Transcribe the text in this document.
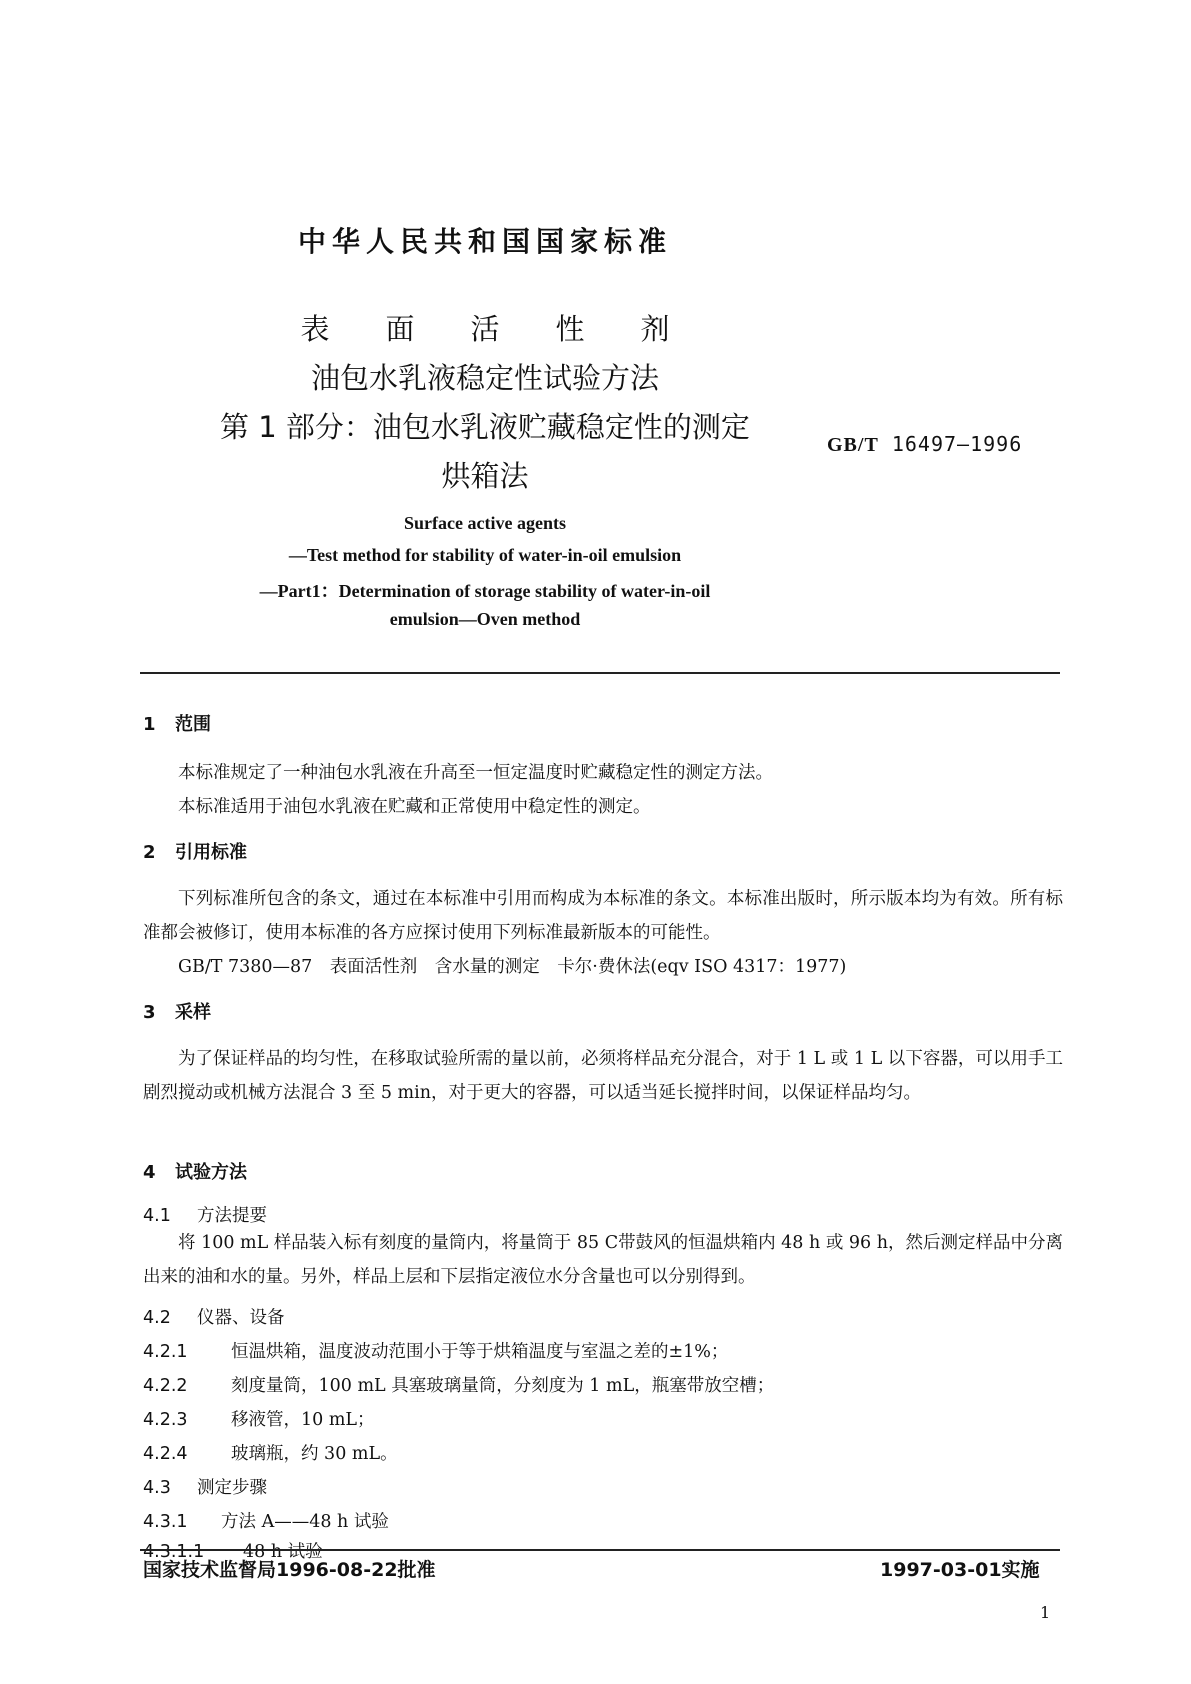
中华人民共和国国家标准
表 面 活 性 剂
油包水乳液稳定性试验方法
第 1 部分：油包水乳液贮藏稳定性的测定
烘箱法
GB/T 16497—1996
Surface active agents
—Test method for stability of water-in-oil emulsion
—Part1：Determination of storage stability of water-in-oil
emulsion—Oven method
1 范围

本标准规定了一种油包水乳液在升高至一恒定温度时贮藏稳定性的测定方法。

本标准适用于油包水乳液在贮藏和正常使用中稳定性的测定。

2 引用标准

下列标准所包含的条文，通过在本标准中引用而构成为本标准的条文。本标准出版时，所示版本均为有效。所有标准都会被修订，使用本标准的各方应探讨使用下列标准最新版本的可能性。

GB/T 7380—87　表面活性剂　含水量的测定　卡尔·费休法(eqv ISO 4317：1977)

3 采样

为了保证样品的均匀性，在移取试验所需的量以前，必须将样品充分混合，对于 1 L 或 1 L 以下容器，可以用手工剧烈搅动或机械方法混合 3 至 5 min，对于更大的容器，可以适当延长搅拌时间，以保证样品均匀。

4 试验方法
4.1 方法提要

将 100 mL 样品装入标有刻度的量筒内，将量筒于 85 C带鼓风的恒温烘箱内 48 h 或 96 h，然后测定样品中分离出来的油和水的量。另外，样品上层和下层指定液位水分含量也可以分别得到。

4.2 仪器、设备
4.2.1 恒温烘箱，温度波动范围小于等于烘箱温度与室温之差的±1%；
4.2.2 刻度量筒，100 mL 具塞玻璃量筒，分刻度为 1 mL，瓶塞带放空槽；
4.2.3 移液管，10 mL；
4.2.4 玻璃瓶，约 30 mL。
4.3 测定步骤
4.3.1 方法 A——48 h 试验
4.3.1.1 48 h 试验
国家技术监督局1996-08-22批准	1997-03-01实施
1
